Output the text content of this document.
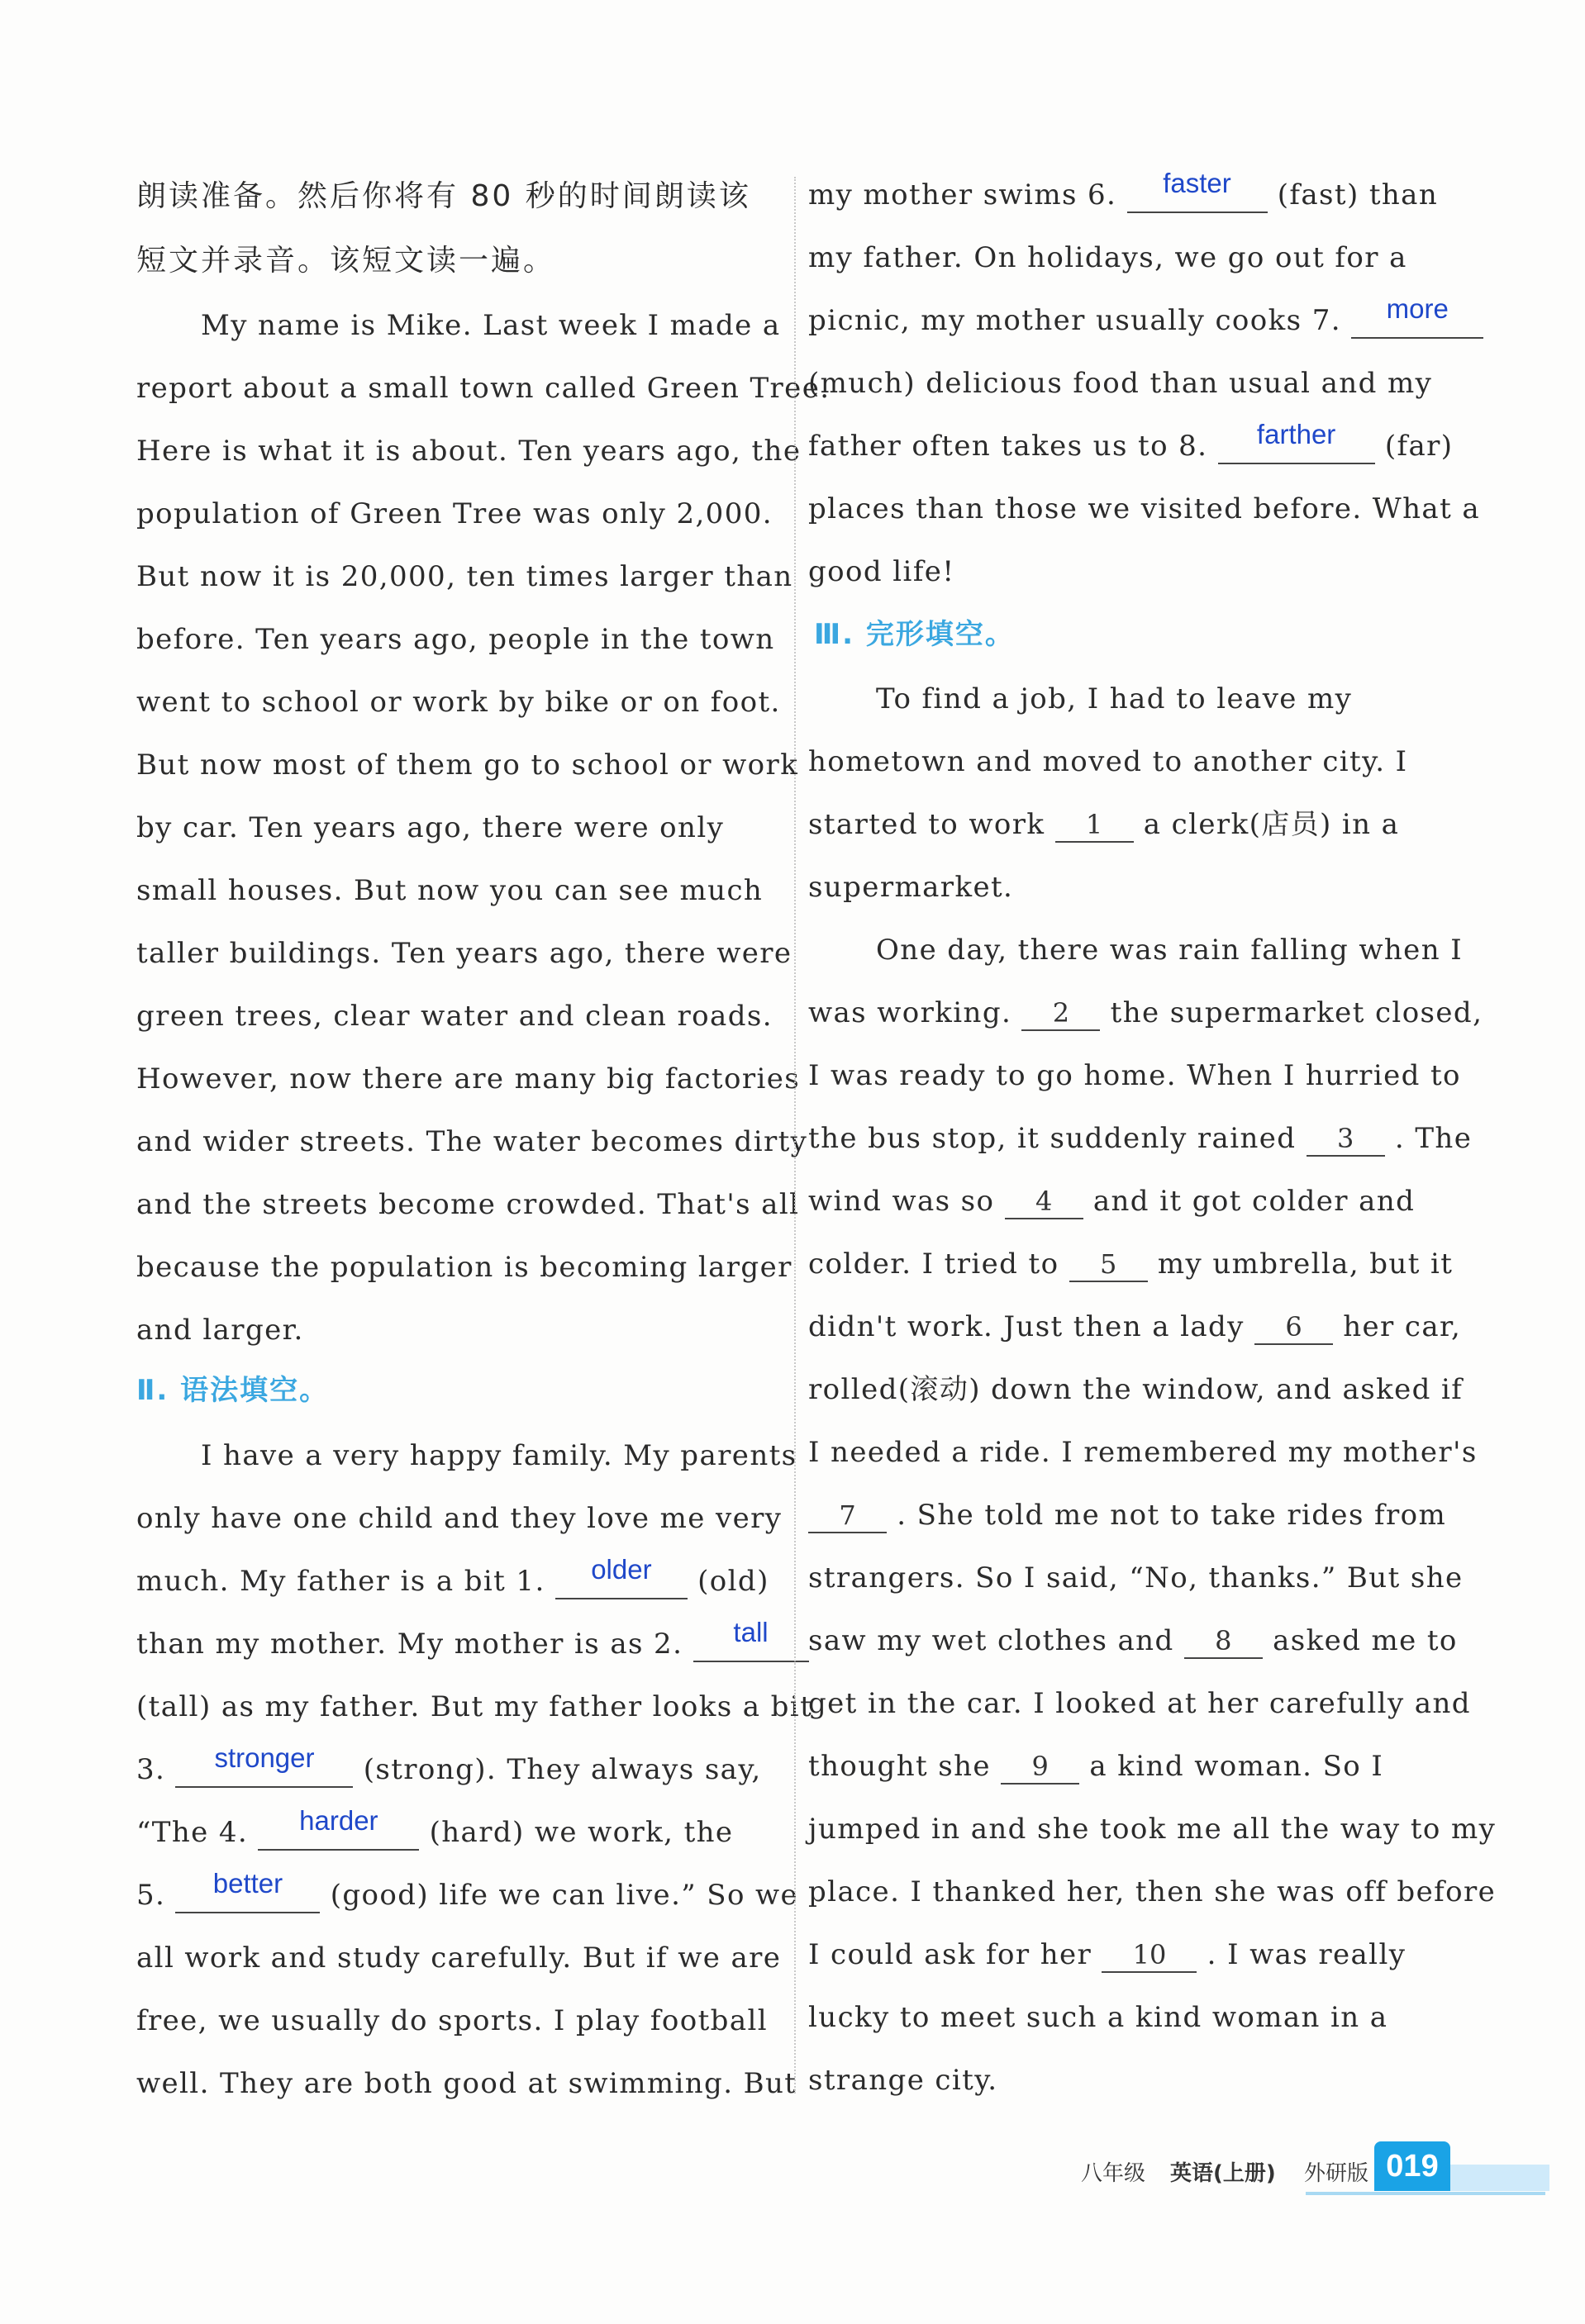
朗读准备。然后你将有 80 秒的时间朗读该
短文并录音。该短文读一遍。
My name is Mike. Last week I made a
report about a small town called Green Tree.
Here is what it is about. Ten years ago, the
population of Green Tree was only 2,000.
But now it is 20,000, ten times larger than
before. Ten years ago, people in the town
went to school or work by bike or on foot.
But now most of them go to school or work
by car. Ten years ago, there were only
small houses. But now you can see much
taller buildings. Ten years ago, there were
green trees, clear water and clean roads.
However, now there are many big factories
and wider streets. The water becomes dirty
and the streets become crowded. That's all
because the population is becoming larger
and larger.
Ⅱ. 语法填空。
I have a very happy family. My parents
only have one child and they love me very
much. My father is a bit 1.	older	(old)
than my mother. My mother is as 2.	tall
(tall) as my father. But my father looks a bit
3.	stronger	(strong). They always say,
“The 4.	harder	(hard) we work, the
5.	better	(good) life we can live.” So we
all work and study carefully. But if we are
free, we usually do sports. I play football
well. They are both good at swimming. But
my mother swims 6.	faster	(fast) than
my father. On holidays, we go out for a
picnic, my mother usually cooks 7.	more
(much) delicious food than usual and my
father often takes us to 8.	farther	(far)
places than those we visited before. What a
good life!
Ⅲ. 完形填空。
To find a job, I had to leave my
hometown and moved to another city. I
started to work	1	a clerk(店员) in a
supermarket.
One day, there was rain falling when I
was working.	2	the supermarket closed,
I was ready to go home. When I hurried to
the bus stop, it suddenly rained	3	. The
wind was so	4	and it got colder and
colder. I tried to	5	my umbrella, but it
didn't work. Just then a lady	6	her car,
rolled(滚动) down the window, and asked if
I needed a ride. I remembered my mother's
7	. She told me not to take rides from
strangers. So I said, “No, thanks.” But she
saw my wet clothes and	8	asked me to
get in the car. I looked at her carefully and
thought she	9	a kind woman. So I
jumped in and she took me all the way to my
place. I thanked her, then she was off before
I could ask for her	10	. I was really
lucky to meet such a kind woman in a
strange city.
八年级 英语(上册) 外研版 019
